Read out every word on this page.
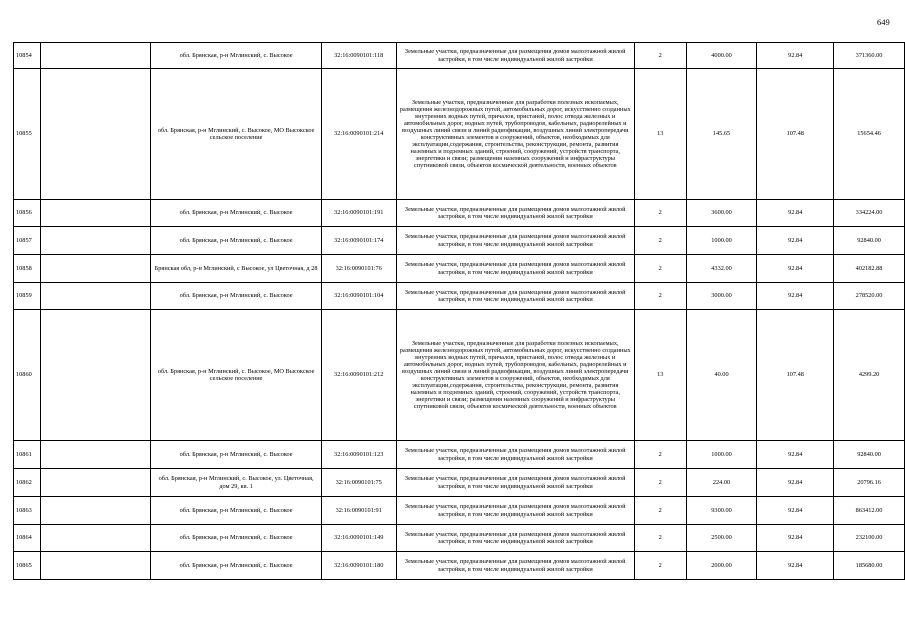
649
10854		обл. Брянская, р-н Мглинский, с. Высокое	32:16:0090101:118	Земельные участки, предназначенные для размещения домов малоэтажной жилой застройки, в том числе индивидуальной жилой застройки	2	4000.00	92.84	371360.00
10855		обл. Брянская, р-н Мглинский, с. Высокое, МО Высокское сельское поселение	32:16:0090101:214	Земельные участки, предназначенные для разработки полезных ископаемых, размещения железнодорожных путей, автомобильных дорог, искусственно созданных внутренних водных путей, причалов, пристаней, полос отвода железных и автомобильных дорог, водных путей, трубопроводов, кабельных, радиорелейных и воздушных линий связи и линий радиофикации, воздушных линий электропередачи конструктивных элементов и сооружений, объектов, необходимых для эксплуатации,содержания, строительства, реконструкции, ремонта, развития наземных и подземных зданий, строений, сооружений, устройств транспорта, энергетики и связи; размещения наземных сооружений и инфраструктуры спутниковой связи, объектов космической деятельности, военных объектов	13	145.65	107.48	15654.46
10856		обл. Брянская, р-н Мглинский, с. Высокое	32:16:0090101:191	Земельные участки, предназначенные для размещения домов малоэтажной жилой застройки, в том числе индивидуальной жилой застройки	2	3600.00	92.84	334224.00
10857		обл. Брянская, р-н Мглинский, с. Высокое	32:16:0090101:174	Земельные участки, предназначенные для размещения домов малоэтажной жилой застройки, в том числе индивидуальной жилой застройки	2	1000.00	92.84	92840.00
10858		Брянская обл, р-н Мглинский, с Высокое, ул Цветочная, д 28	32:16:0090101:76	Земельные участки, предназначенные для размещения домов малоэтажной жилой застройки, в том числе индивидуальной жилой застройки	2	4332.00	92.84	402182.88
10859		обл. Брянская, р-н Мглинский, с. Высокое	32:16:0090101:104	Земельные участки, предназначенные для размещения домов малоэтажной жилой застройки, в том числе индивидуальной жилой застройки	2	3000.00	92.84	278520.00
10860		обл. Брянская, р-н Мглинский, с. Высокое, МО Высокское сельское поселение	32:16:0090101:212	Земельные участки, предназначенные для разработки полезных ископаемых, размещения железнодорожных путей, автомобильных дорог, искусственно созданных внутренних водных путей, причалов, пристаней, полос отвода железных и автомобильных дорог, водных путей, трубопроводов, кабельных, радиорелейных и воздушных линий связи и линий радиофикации, воздушных линий электропередачи конструктивных элементов и сооружений, объектов, необходимых для эксплуатации,содержания, строительства, реконструкции, ремонта, развития наземных и подземных зданий, строений, сооружений, устройств транспорта, энергетики и связи; размещения наземных сооружений и инфраструктуры спутниковой связи, объектов космической деятельности, военных объектов	13	40.00	107.48	4299.20
10861		обл. Брянская, р-н Мглинский, с. Высокое	32:16:0090101:123	Земельные участки, предназначенные для размещения домов малоэтажной жилой застройки, в том числе индивидуальной жилой застройки	2	1000.00	92.84	92840.00
10862		обл. Брянская, р-н Мглинский, с. Высокое, ул. Цветочная, дом 29, кв. 1	32:16:0090101:75	Земельные участки, предназначенные для размещения домов малоэтажной жилой застройки, в том числе индивидуальной жилой застройки	2	224.00	92.84	20796.16
10863		обл. Брянская, р-н Мглинский, с. Высокое	32:16:0090101:91	Земельные участки, предназначенные для размещения домов малоэтажной жилой застройки, в том числе индивидуальной жилой застройки	2	9300.00	92.84	863412.00
10864		обл. Брянская, р-н Мглинский, с. Высокое	32:16:0090101:149	Земельные участки, предназначенные для размещения домов малоэтажной жилой застройки, в том числе индивидуальной жилой застройки	2	2500.00	92.84	232100.00
10865		обл. Брянская, р-н Мглинский, с. Высокое	32:16:0090101:180	Земельные участки, предназначенные для размещения домов малоэтажной жилой застройки, в том числе индивидуальной жилой застройки	2	2000.00	92.84	185680.00
